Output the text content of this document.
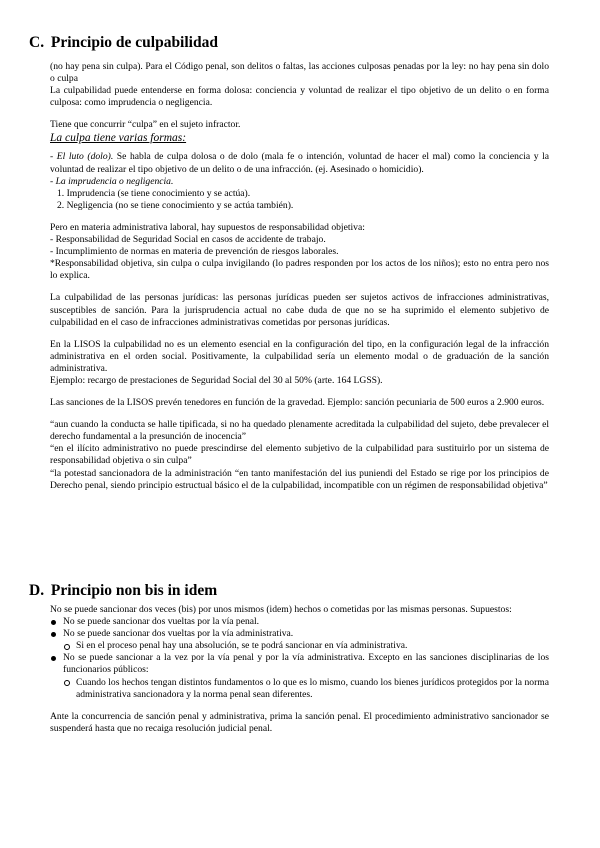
C. Principio de culpabilidad

(no hay pena sin culpa). Para el Código penal, son delitos o faltas, las acciones culposas penadas por la ley: no hay pena sin dolo o culpa

La culpabilidad puede entenderse en forma dolosa: conciencia y voluntad de realizar el tipo objetivo de un delito o en forma culposa: como imprudencia o negligencia.

Tiene que concurrir “culpa” en el sujeto infractor.

La culpa tiene varias formas:

- El luto (dolo). Se habla de culpa dolosa o de dolo (mala fe o intención, voluntad de hacer el mal) como la conciencia y la voluntad de realizar el tipo objetivo de un delito o de una infracción. (ej. Asesinado o homicidio).

- La imprudencia o negligencia.

1. Imprudencia (se tiene conocimiento y se actúa).

2. Negligencia (no se tiene conocimiento y se actúa también).

Pero en materia administrativa laboral, hay supuestos de responsabilidad objetiva:

- Responsabilidad de Seguridad Social en casos de accidente de trabajo.

- Incumplimiento de normas en materia de prevención de riesgos laborales.

*Responsabilidad objetiva, sin culpa o culpa invigilando (lo padres responden por los actos de los niños); esto no entra pero nos lo explica.

La culpabilidad de las personas jurídicas: las personas jurídicas pueden ser sujetos activos de infracciones administrativas, susceptibles de sanción. Para la jurisprudencia actual no cabe duda de que no se ha suprimido el elemento subjetivo de culpabilidad en el caso de infracciones administrativas cometidas por personas jurídicas.

En la LISOS la culpabilidad no es un elemento esencial en la configuración del tipo, en la configuración legal de la infracción administrativa en el orden social. Positivamente, la culpabilidad sería un elemento modal o de graduación de la sanción administrativa.

Ejemplo: recargo de prestaciones de Seguridad Social del 30 al 50% (arte. 164 LGSS).

Las sanciones de la LISOS prevén tenedores en función de la gravedad. Ejemplo: sanción pecuniaria de 500 euros a 2.900 euros.

“aun cuando la conducta se halle tipificada, si no ha quedado plenamente acreditada la culpabilidad del sujeto, debe prevalecer el derecho fundamental a la presunción de inocencia”

“en el ilícito administrativo no puede prescindirse del elemento subjetivo de la culpabilidad para sustituirlo por un sistema de responsabilidad objetiva o sin culpa”

“la potestad sancionadora de la administración “en tanto manifestación del ius puniendi del Estado se rige por los principios de Derecho penal, siendo principio estructual básico el de la culpabilidad, incompatible con un régimen de responsabilidad objetiva”

D. Principio non bis in idem

No se puede sancionar dos veces (bis) por unos mismos (idem) hechos o cometidas por las mismas personas. Supuestos:

No se puede sancionar dos vueltas por la vía penal.
No se puede sancionar dos vueltas por la vía administrativa.
Si en el proceso penal hay una absolución, se te podrá sancionar en vía administrativa.
No se puede sancionar a la vez por la vía penal y por la vía administrativa. Excepto en las sanciones disciplinarias de los funcionarios públicos:
Cuando los hechos tengan distintos fundamentos o lo que es lo mismo, cuando los bienes jurídicos protegidos por la norma administrativa sancionadora y la norma penal sean diferentes.

Ante la concurrencia de sanción penal y administrativa, prima la sanción penal. El procedimiento administrativo sancionador se suspenderá hasta que no recaiga resolución judicial penal.
